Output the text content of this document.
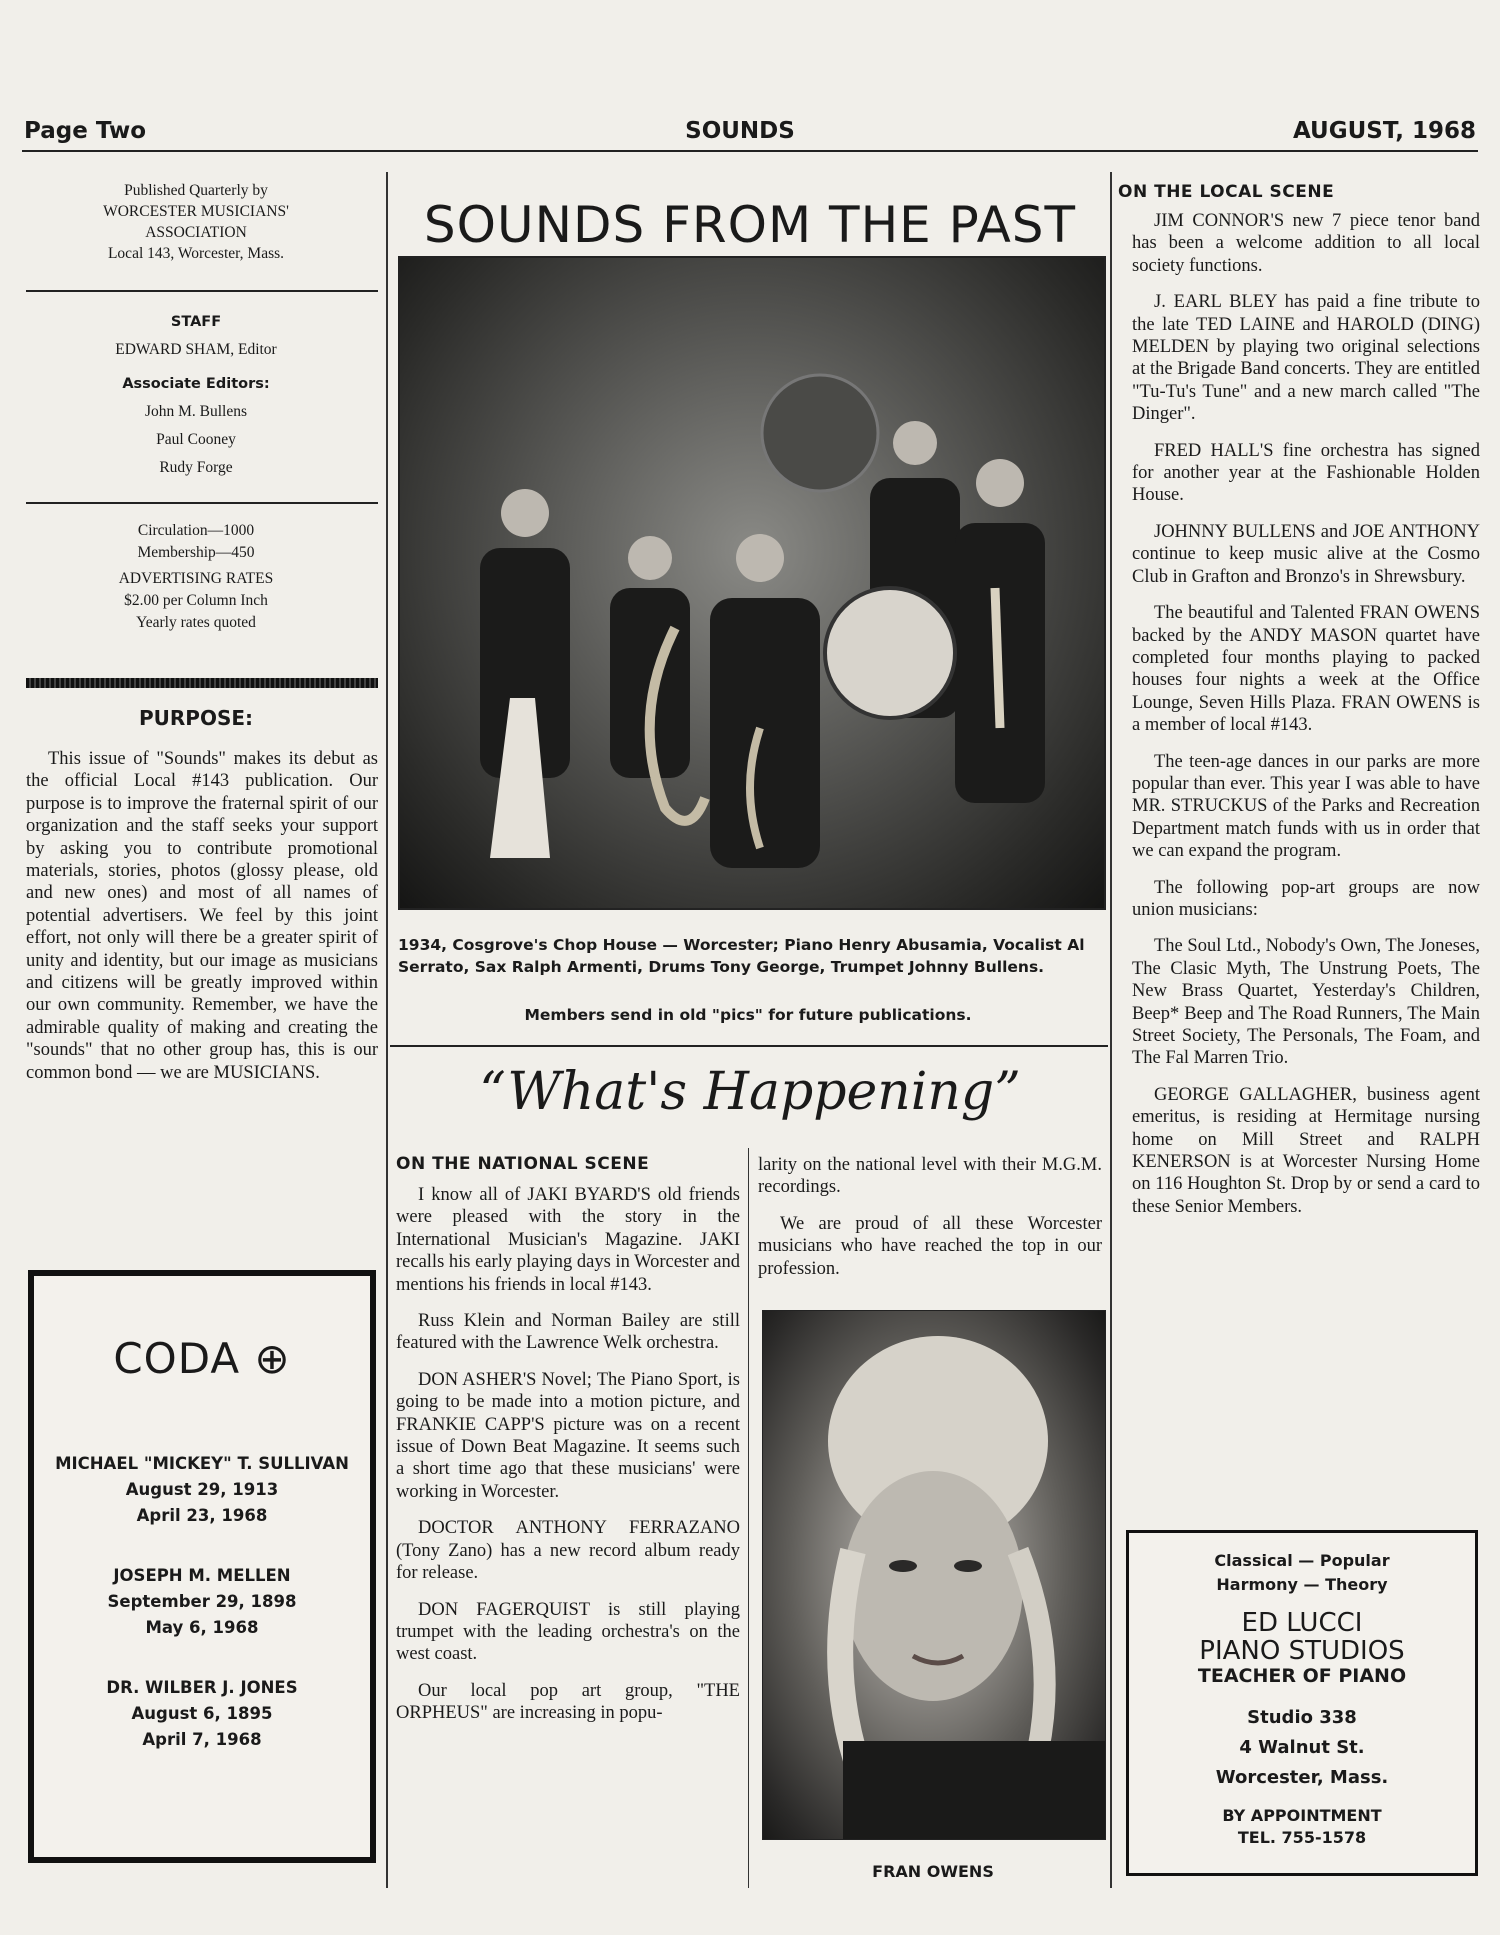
Page Two	SOUNDS	AUGUST, 1968
Published Quarterly by
WORCESTER MUSICIANS'
ASSOCIATION
Local 143, Worcester, Mass.
STAFF
EDWARD SHAM, Editor
Associate Editors:
John M. Bullens
Paul Cooney
Rudy Forge
Circulation—1000
Membership—450
ADVERTISING RATES
$2.00 per Column Inch
Yearly rates quoted
PURPOSE:
This issue of "Sounds" makes its debut as the official Local #143 publication. Our purpose is to improve the fraternal spirit of our organization and the staff seeks your support by asking you to contribute promotional materials, stories, photos (glossy please, old and new ones) and most of all names of potential advertisers. We feel by this joint effort, not only will there be a greater spirit of unity and identity, but our image as musicians and citizens will be greatly improved within our own community. Remember, we have the admirable quality of making and creating the "sounds" that no other group has, this is our common bond — we are MUSICIANS.
CODA ⊕
MICHAEL "MICKEY" T. SULLIVAN
August 29, 1913
April 23, 1968
JOSEPH M. MELLEN
September 29, 1898
May 6, 1968
DR. WILBER J. JONES
August 6, 1895
April 7, 1968
SOUNDS FROM THE PAST
1934, Cosgrove's Chop House — Worcester; Piano Henry Abusamia, Vocalist Al Serrato, Sax Ralph Armenti, Drums Tony George, Trumpet Johnny Bullens.
Members send in old "pics" for future publications.
“What's Happening”
ON THE NATIONAL SCENE

I know all of JAKI BYARD'S old friends were pleased with the story in the International Musician's Magazine. JAKI recalls his early playing days in Worcester and mentions his friends in local #143.

Russ Klein and Norman Bailey are still featured with the Lawrence Welk orchestra.

DON ASHER'S Novel; The Piano Sport, is going to be made into a motion picture, and FRANKIE CAPP'S picture was on a recent issue of Down Beat Magazine. It seems such a short time ago that these musicians' were working in Worcester.

DOCTOR ANTHONY FERRAZANO (Tony Zano) has a new record album ready for release.

DON FAGERQUIST is still playing trumpet with the leading orchestra's on the west coast.

Our local pop art group, "THE ORPHEUS" are increasing in popu-

larity on the national level with their M.G.M. recordings.

We are proud of all these Worcester musicians who have reached the top in our profession.

FRAN OWENS
ON THE LOCAL SCENE

JIM CONNOR'S new 7 piece tenor band has been a welcome addition to all local society functions.

J. EARL BLEY has paid a fine tribute to the late TED LAINE and HAROLD (DING) MELDEN by playing two original selections at the Brigade Band concerts. They are entitled "Tu-Tu's Tune" and a new march called "The Dinger".

FRED HALL'S fine orchestra has signed for another year at the Fashionable Holden House.

JOHNNY BULLENS and JOE ANTHONY continue to keep music alive at the Cosmo Club in Grafton and Bronzo's in Shrewsbury.

The beautiful and Talented FRAN OWENS backed by the ANDY MASON quartet have completed four months playing to packed houses four nights a week at the Office Lounge, Seven Hills Plaza. FRAN OWENS is a member of local #143.

The teen-age dances in our parks are more popular than ever. This year I was able to have MR. STRUCKUS of the Parks and Recreation Department match funds with us in order that we can expand the program.

The following pop-art groups are now union musicians:

The Soul Ltd., Nobody's Own, The Joneses, The Clasic Myth, The Unstrung Poets, The New Brass Quartet, Yesterday's Children, Beep* Beep and The Road Runners, The Main Street Society, The Personals, The Foam, and The Fal Marren Trio.

GEORGE GALLAGHER, business agent emeritus, is residing at Hermitage nursing home on Mill Street and RALPH KENERSON is at Worcester Nursing Home on 116 Houghton St. Drop by or send a card to these Senior Members.

Classical — Popular
Harmony — Theory
ED LUCCI
PIANO STUDIOS
TEACHER OF PIANO
Studio 338
4 Walnut St.
Worcester, Mass.
BY APPOINTMENT
TEL. 755-1578
